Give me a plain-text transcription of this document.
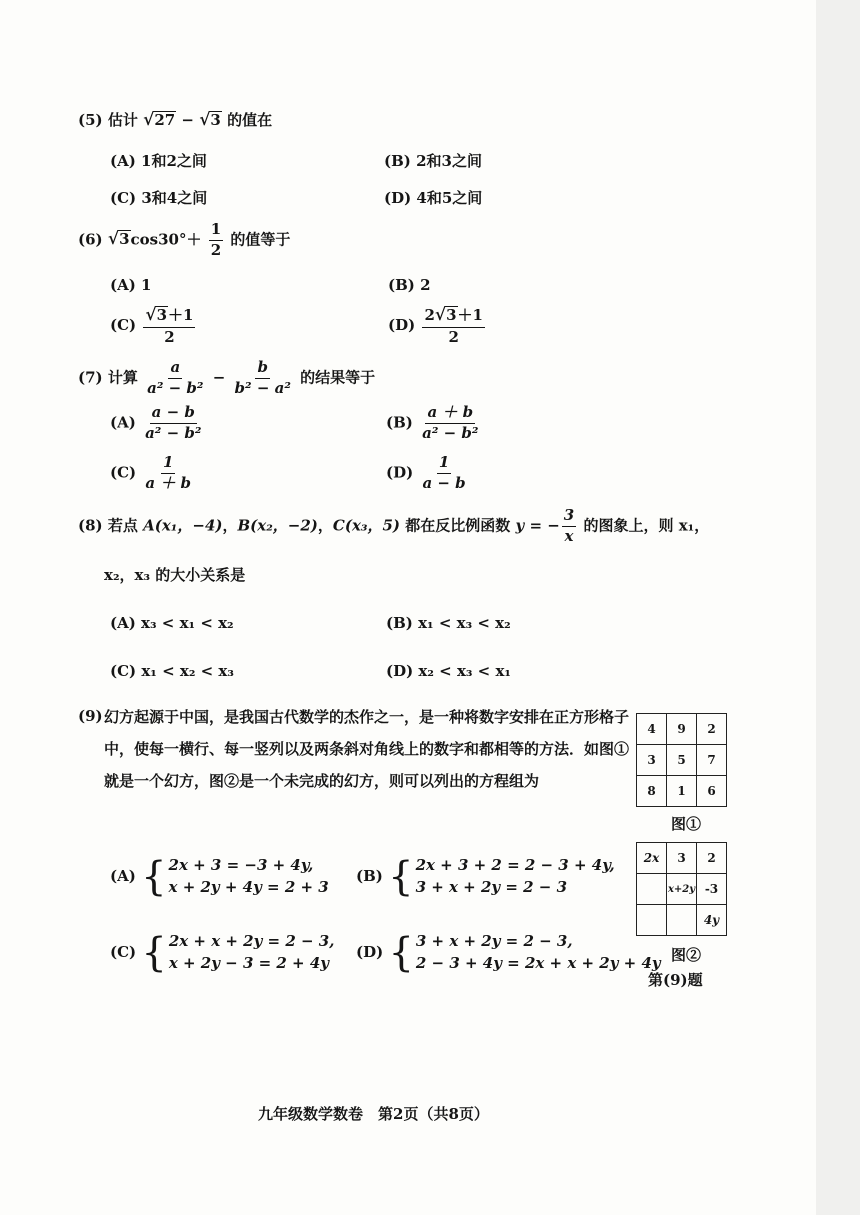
(5) 估计 √27 − √3 的值在
(A) 1和2之间	(B) 2和3之间
(C) 3和4之间	(D) 4和5之间
(6) $√3\cos 30^\circ+ \frac{1}{2}$ 的值等于
(A) 1	(B) 2
$(C) \frac{√3+1}{2}$	$(D) \frac{2√3+1}{2}$
(7) 计算 $\frac{a}{\text{a² − b²}} - \frac{b}{\text{b² − a²}}$ 的结果等于
$(A) \frac{a - b}{\text{a² − b²}}$	$(B) \frac{a + b}{\text{a² − b²}}$
$(C) \frac{1}{a + b}$	$(D) \frac{1}{a - b}$
(8) 若点 A(x₁，−4)，B(x₂，−2)，C(x₃，5) 都在反比例函数 y = − $\frac{3}{x}$ 的图象上，则 x₁，
x₂，x₃ 的大小关系是
(A) x₃ < x₁ < x₂	(B) x₁ < x₃ < x₂
(C) x₁ < x₂ < x₃	(D) x₂ < x₃ < x₁
(9) 幻方起源于中国，是我国古代数学的杰作之一，是一种将数字安排在正方形格子中，使每一横行、每一竖列以及两条斜对角线上的数字和都相等的方法．如图①就是一个幻方，图②是一个未完成的幻方，则可以列出的方程组为
(A) { 2x + 3 = −3 + 4y,
x + 2y + 4y = 2 + 3
(B) { 2x + 3 + 2 = 2 − 3 + 4y,
3 + x + 2y = 2 − 3
(C) { 2x + x + 2y = 2 − 3,
x + 2y − 3 = 2 + 4y
(D) { 3 + x + 2y = 2 − 3,
2 − 3 + 4y = 2x + x + 2y + 4y
4	9	2
3	5	7
8	1	6
图①
2x	3	2
	x+2y	-3
		4y
图②
第(9)题
九年级数学数卷　第2页（共8页）
